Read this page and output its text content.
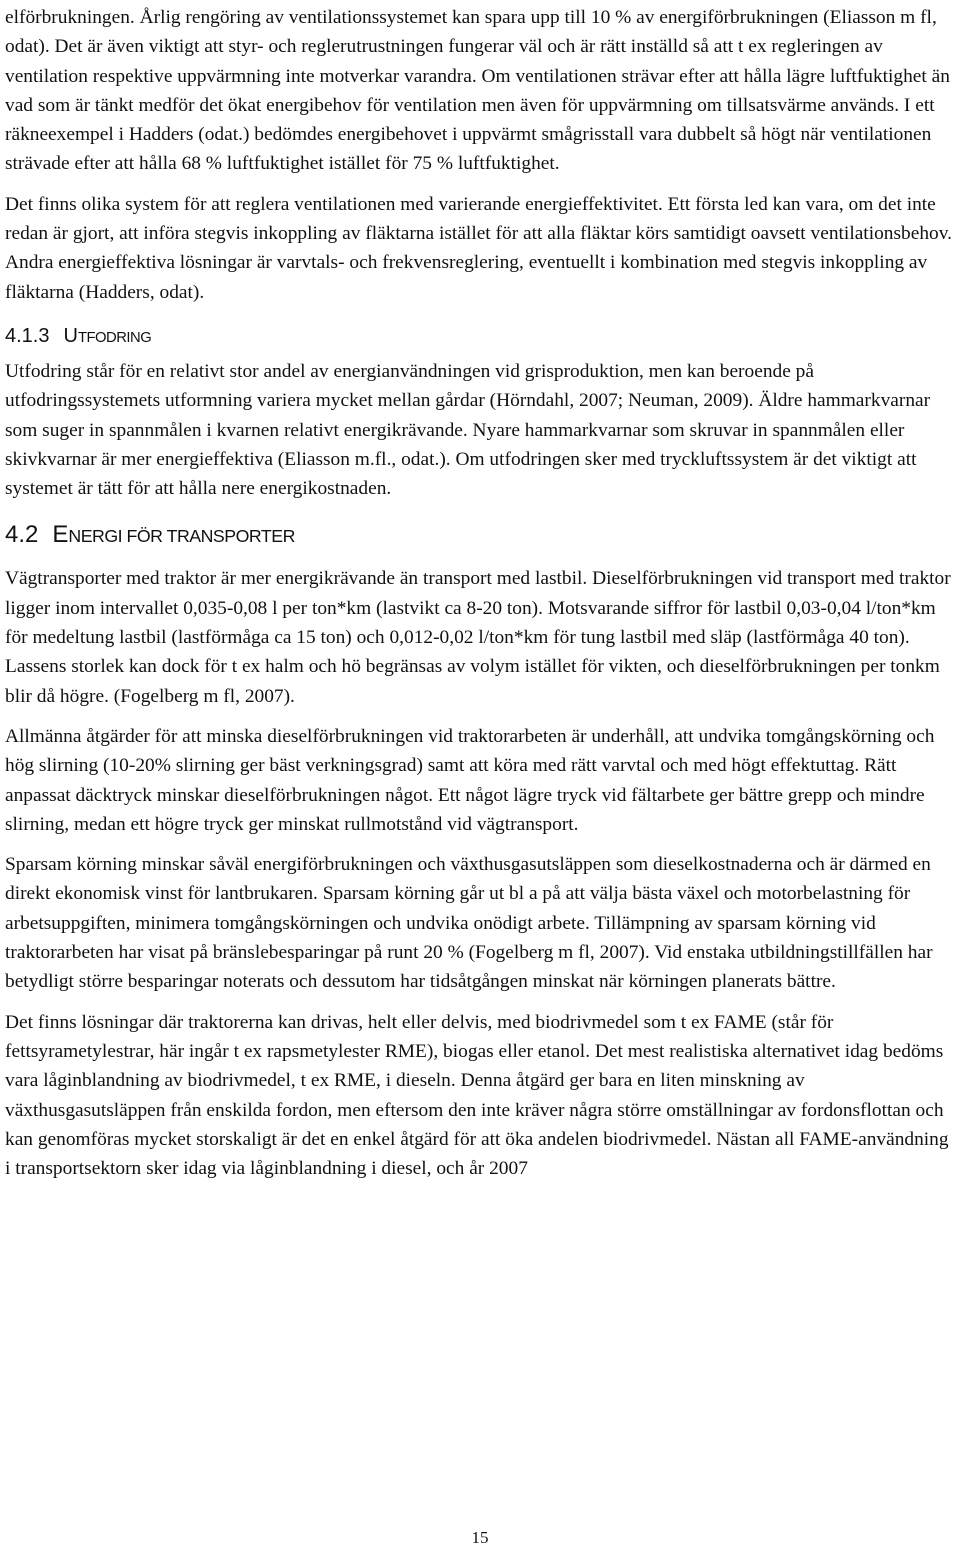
elförbrukningen. Årlig rengöring av ventilationssystemet kan spara upp till 10 % av energiförbrukningen (Eliasson m fl, odat). Det är även viktigt att styr- och reglerutrustningen fungerar väl och är rätt inställd så att t ex regleringen av ventilation respektive uppvärmning inte motverkar varandra. Om ventilationen strävar efter att hålla lägre luftfuktighet än vad som är tänkt medför det ökat energibehov för ventilation men även för uppvärmning om tillsatsvärme används. I ett räkneexempel i Hadders (odat.) bedömdes energibehovet i uppvärmt smågrisstall vara dubbelt så högt när ventilationen strävade efter att hålla 68 % luftfuktighet istället för 75 % luftfuktighet.

Det finns olika system för att reglera ventilationen med varierande energieffektivitet. Ett första led kan vara, om det inte redan är gjort, att införa stegvis inkoppling av fläktarna istället för att alla fläktar körs samtidigt oavsett ventilationsbehov. Andra energieffektiva lösningar är varvtals- och frekvensreglering, eventuellt i kombination med stegvis inkoppling av fläktarna (Hadders, odat).

4.1.3 UTFODRING

Utfodring står för en relativt stor andel av energianvändningen vid grisproduktion, men kan beroende på utfodringssystemets utformning variera mycket mellan gårdar (Hörndahl, 2007; Neuman, 2009). Äldre hammarkvarnar som suger in spannmålen i kvarnen relativt energikrävande. Nyare hammarkvarnar som skruvar in spannmålen eller skivkvarnar är mer energieffektiva (Eliasson m.fl., odat.). Om utfodringen sker med tryckluftssystem är det viktigt att systemet är tätt för att hålla nere energikostnaden.

4.2 ENERGI FÖR TRANSPORTER

Vägtransporter med traktor är mer energikrävande än transport med lastbil. Dieselförbrukningen vid transport med traktor ligger inom intervallet 0,035-0,08 l per ton*km (lastvikt ca 8-20 ton). Motsvarande siffror för lastbil 0,03-0,04 l/ton*km för medeltung lastbil (lastförmåga ca 15 ton) och 0,012-0,02 l/ton*km för tung lastbil med släp (lastförmåga 40 ton). Lassens storlek kan dock för t ex halm och hö begränsas av volym istället för vikten, och dieselförbrukningen per tonkm blir då högre. (Fogelberg m fl, 2007).

Allmänna åtgärder för att minska dieselförbrukningen vid traktorarbeten är underhåll, att undvika tomgångskörning och hög slirning (10-20% slirning ger bäst verkningsgrad) samt att köra med rätt varvtal och med högt effektuttag. Rätt anpassat däcktryck minskar dieselförbrukningen något. Ett något lägre tryck vid fältarbete ger bättre grepp och mindre slirning, medan ett högre tryck ger minskat rullmotstånd vid vägtransport.

Sparsam körning minskar såväl energiförbrukningen och växthusgasutsläppen som dieselkostnaderna och är därmed en direkt ekonomisk vinst för lantbrukaren. Sparsam körning går ut bl a på att välja bästa växel och motorbelastning för arbetsuppgiften, minimera tomgångskörningen och undvika onödigt arbete. Tillämpning av sparsam körning vid traktorarbeten har visat på bränslebesparingar på runt 20 % (Fogelberg m fl, 2007). Vid enstaka utbildningstillfällen har betydligt större besparingar noterats och dessutom har tidsåtgången minskat när körningen planerats bättre.

Det finns lösningar där traktorerna kan drivas, helt eller delvis, med biodrivmedel som t ex FAME (står för fettsyrametylestrar, här ingår t ex rapsmetylester RME), biogas eller etanol. Det mest realistiska alternativet idag bedöms vara låginblandning av biodrivmedel, t ex RME, i dieseln. Denna åtgärd ger bara en liten minskning av växthusgasutsläppen från enskilda fordon, men eftersom den inte kräver några större omställningar av fordonsflottan och kan genomföras mycket storskaligt är det en enkel åtgärd för att öka andelen biodrivmedel. Nästan all FAME-användning i transportsektorn sker idag via låginblandning i diesel, och år 2007

15
